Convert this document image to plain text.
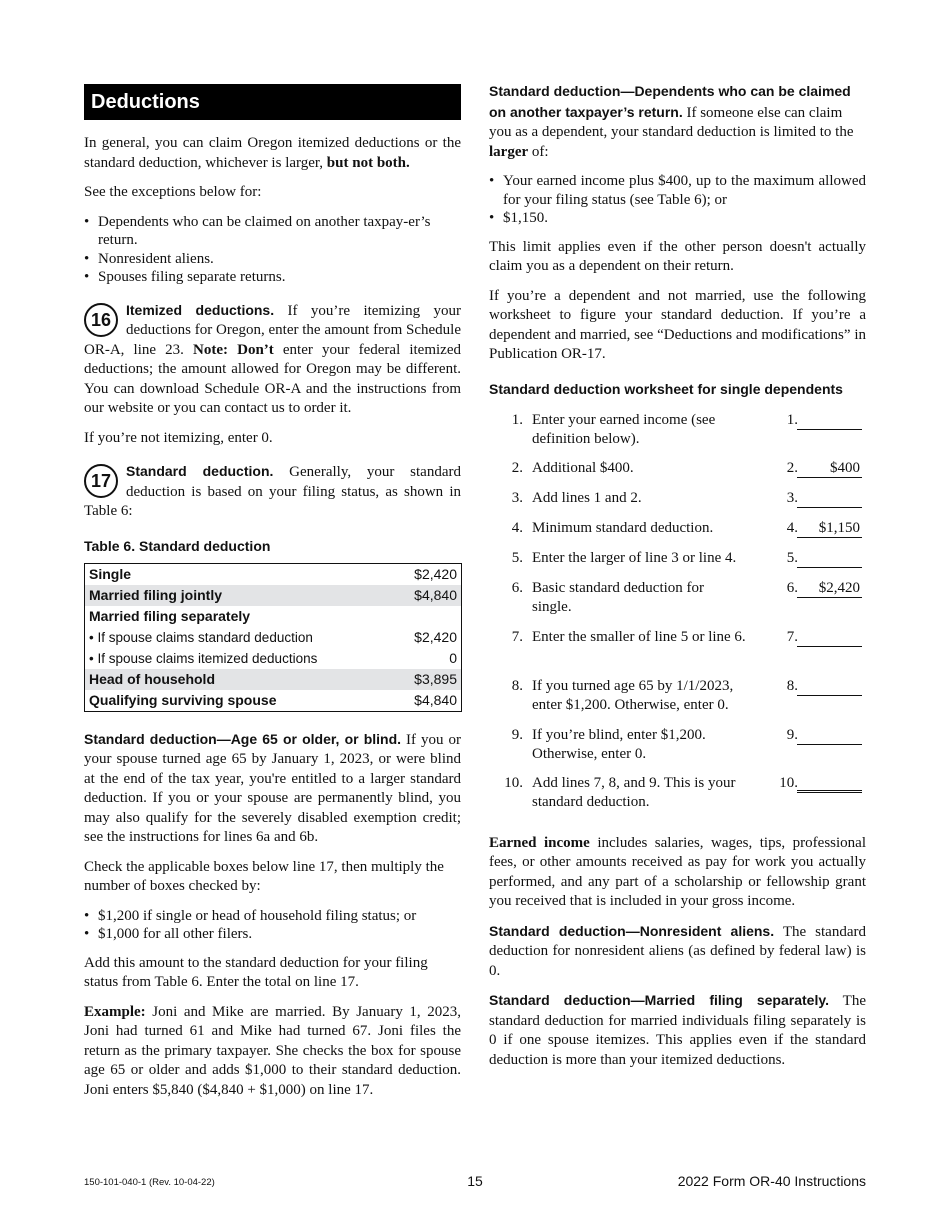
Deductions

In general, you can claim Oregon itemized deductions or the standard deduction, whichever is larger, but not both.

See the exceptions below for:

• Dependents who can be claimed on another taxpay-er’s return.
• Nonresident aliens.
• Spouses filing separate returns.

16	Itemized deductions. If you’re itemizing your deductions for Oregon, enter the amount from Schedule OR-A, line 23. Note: Don’t enter your federal itemized deductions; the amount allowed for Oregon may be different. You can download Schedule OR-A and the instructions from our website or you can contact us to order it.

If you’re not itemizing, enter 0.

17	Standard deduction. Generally, your standard deduction is based on your filing status, as shown in Table 6:

Table 6. Standard deduction
Single	$2,420
Married filing jointly	$4,840
Married filing separately	
• If spouse claims standard deduction	$2,420
• If spouse claims itemized deductions	0
Head of household	$3,895
Qualifying surviving spouse	$4,840

Standard deduction—Age 65 or older, or blind. If you or your spouse turned age 65 by January 1, 2023, or were blind at the end of the tax year, you're entitled to a larger standard deduction. If you or your spouse are permanently blind, you may also qualify for the severely disabled exemption credit; see the instructions for lines 6a and 6b.

Check the applicable boxes below line 17, then multiply the number of boxes checked by:

• $1,200 if single or head of household filing status; or
• $1,000 for all other filers.

Add this amount to the standard deduction for your filing status from Table 6. Enter the total on line 17.

Example: Joni and Mike are married. By January 1, 2023, Joni had turned 61 and Mike had turned 67. Joni files the return as the primary taxpayer. She checks the box for spouse age 65 or older and adds $1,000 to their standard deduction. Joni enters $5,840 ($4,840 + $1,000) on line 17.

Standard deduction—Dependents who can be claimed on another taxpayer’s return. If someone else can claim you as a dependent, your standard deduction is limited to the larger of:

• Your earned income plus $400, up to the maximum allowed for your filing status (see Table 6); or
• $1,150.

This limit applies even if the other person doesn't actually claim you as a dependent on their return.

If you’re a dependent and not married, use the following worksheet to figure your standard deduction. If you’re a dependent and married, see “Deductions and modifications” in Publication OR-17.

Standard deduction worksheet for single dependents
1. Enter your earned income (see definition below).
1.
2. Additional $400.	2.	$400
3. Add lines 1 and 2.	3.
4. Minimum standard deduction.	4.	$1,150
5. Enter the larger of line 3 or line 4.	5.
6. Basic standard deduction for single.
6.	$2,420
7. Enter the smaller of line 5 or line 6.	7.
8. If you turned age 65 by 1/1/2023, enter $1,200. Otherwise, enter 0.
8.
9. If you’re blind, enter $1,200. Otherwise, enter 0.
9.
10. Add lines 7, 8, and 9. This is your standard deduction.
10.

Earned income includes salaries, wages, tips, professional fees, or other amounts received as pay for work you actually performed, and any part of a scholarship or fellowship grant you received that is included in your gross income.

Standard deduction—Nonresident aliens. The standard deduction for nonresident aliens (as defined by federal law) is 0.

Standard deduction—Married filing separately. The standard deduction for married individuals filing separately is 0 if one spouse itemizes. This applies even if the standard deduction is more than your itemized deductions.

150-101-040-1 (Rev. 10-04-22)	15	2022 Form OR-40 Instructions
